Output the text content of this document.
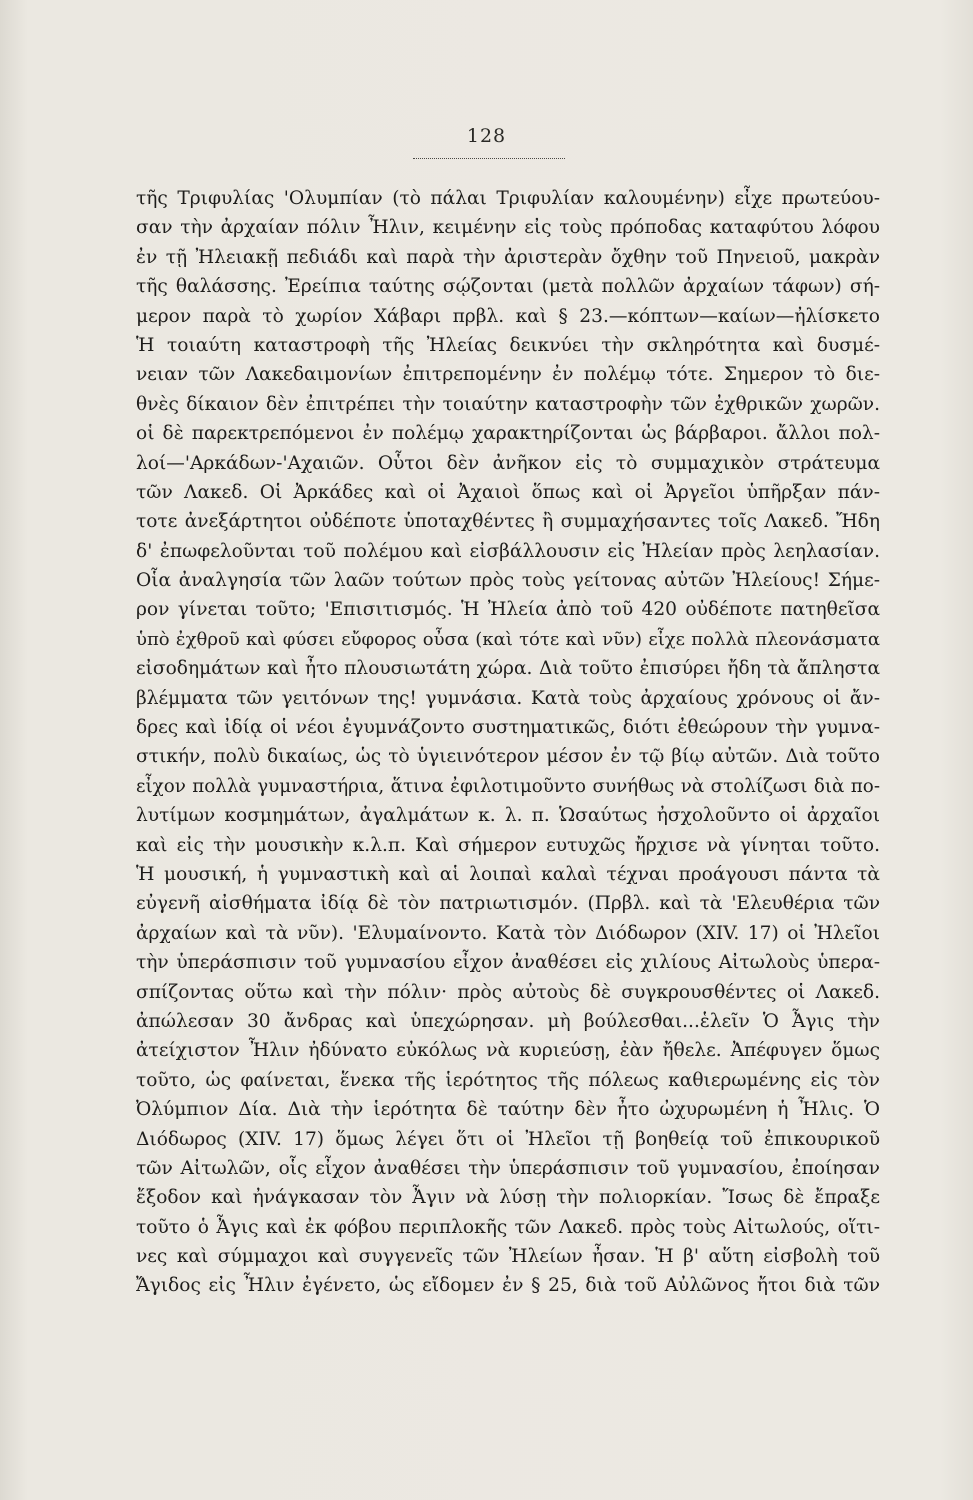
128
τῆς Τριφυλίας 'Ολυμπίαν (τὸ πάλαι Τριφυλίαν καλουμένην) εἶχε πρωτεύου-
σαν τὴν ἀρχαίαν πόλιν Ἦλιν, κειμένην εἰς τοὺς πρόποδας καταφύτου λόφου
ἐν τῇ Ἠλειακῇ πεδιάδι καὶ παρὰ τὴν ἀριστερὰν ὄχθην τοῦ Πηνειοῦ, μακρὰν
τῆς θαλάσσης. Ἐρείπια ταύτης σῴζονται (μετὰ πολλῶν ἀρχαίων τάφων) σή-
μερον παρὰ τὸ χωρίον Χάβαρι πρβλ. καὶ § 23.—κόπτων—καίων—ἠλίσκετο
Ἡ τοιαύτη καταστροφὴ τῆς Ἠλείας δεικνύει τὴν σκληρότητα καὶ δυσμέ-
νειαν τῶν Λακεδαιμονίων ἐπιτρεπομένην ἐν πολέμῳ τότε. Σημερον τὸ διε-
θνὲς δίκαιον δὲν ἐπιτρέπει τὴν τοιαύτην καταστροφὴν τῶν ἐχθρικῶν χωρῶν.
οἱ δὲ παρεκτρεπόμενοι ἐν πολέμῳ χαρακτηρίζονται ὡς βάρβαροι. ἄλλοι πολ-
λοί—'Αρκάδων-'Αχαιῶν. Οὗτοι δὲν ἀνῆκον εἰς τὸ συμμαχικὸν στράτευμα
τῶν Λακεδ. Οἱ Ἀρκάδες καὶ οἱ Ἀχαιοὶ ὅπως καὶ οἱ Ἀργεῖοι ὑπῆρξαν πάν-
τοτε ἀνεξάρτητοι οὐδέποτε ὑποταχθέντες ἢ συμμαχήσαντες τοῖς Λακεδ. Ἤδη
δ' ἐπωφελοῦνται τοῦ πολέμου καὶ εἰσβάλλουσιν εἰς Ἠλείαν πρὸς λεηλασίαν.
Οἷα ἀναλγησία τῶν λαῶν τούτων πρὸς τοὺς γείτονας αὐτῶν Ἠλείους! Σήμε-
ρον γίνεται τοῦτο; 'Επισιτισμός. Ἡ Ἠλεία ἀπὸ τοῦ 420 οὐδέποτε πατηθεῖσα
ὑπὸ ἐχθροῦ καὶ φύσει εὔφορος οὖσα (καὶ τότε καὶ νῦν) εἶχε πολλὰ πλεονάσματα
εἰσοδημάτων καὶ ἦτο πλουσιωτάτη χώρα. Διὰ τοῦτο ἐπισύρει ἤδη τὰ ἄπληστα
βλέμματα τῶν γειτόνων της! γυμνάσια. Κατὰ τοὺς ἀρχαίους χρόνους οἱ ἄν-
δρες καὶ ἰδίᾳ οἱ νέοι ἐγυμνάζοντο συστηματικῶς, διότι ἐθεώρουν τὴν γυμνα-
στικήν, πολὺ δικαίως, ὡς τὸ ὑγιεινότερον μέσον ἐν τῷ βίῳ αὐτῶν. Διὰ τοῦτο
εἶχον πολλὰ γυμναστήρια, ἅτινα ἐφιλοτιμοῦντο συνήθως νὰ στολίζωσι διὰ πο-
λυτίμων κοσμημάτων, ἀγαλμάτων κ. λ. π. Ὡσαύτως ἠσχολοῦντο οἱ ἀρχαῖοι
καὶ εἰς τὴν μουσικὴν κ.λ.π. Καὶ σήμερον ευτυχῶς ἤρχισε νὰ γίνηται τοῦτο.
Ἡ μουσική, ἡ γυμναστικὴ καὶ αἱ λοιπαὶ καλαὶ τέχναι προάγουσι πάντα τὰ
εὐγενῆ αἰσθήματα ἰδίᾳ δὲ τὸν πατριωτισμόν. (Πρβλ. καὶ τὰ 'Ελευθέρια τῶν
ἀρχαίων καὶ τὰ νῦν). 'Ελυμαίνοντο. Κατὰ τὸν Διόδωρον (XIV. 17) οἱ Ἠλεῖοι
τὴν ὑπεράσπισιν τοῦ γυμνασίου εἶχον ἀναθέσει εἰς χιλίους Αἰτωλοὺς ὑπερα-
σπίζοντας οὕτω καὶ τὴν πόλιν· πρὸς αὐτοὺς δὲ συγκρουσθέντες οἱ Λακεδ.
ἀπώλεσαν 30 ἄνδρας καὶ ὑπεχώρησαν. μὴ βούλεσθαι...ἑλεῖν Ὁ Ἆγις τὴν
ἀτείχιστον Ἦλιν ἠδύνατο εὐκόλως νὰ κυριεύσῃ, ἐὰν ἤθελε. Ἀπέφυγεν ὅμως
τοῦτο, ὡς φαίνεται, ἕνεκα τῆς ἱερότητος τῆς πόλεως καθιερωμένης εἰς τὸν
Ὀλύμπιον Δία. Διὰ τὴν ἱερότητα δὲ ταύτην δὲν ἦτο ὠχυρωμένη ἡ Ἦλις. Ὁ
Διόδωρος (XIV. 17) ὅμως λέγει ὅτι οἱ Ἠλεῖοι τῇ βοηθείᾳ τοῦ ἐπικουρικοῦ
τῶν Αἰτωλῶν, οἷς εἶχον ἀναθέσει τὴν ὑπεράσπισιν τοῦ γυμνασίου, ἐποίησαν
ἔξοδον καὶ ἠνάγκασαν τὸν Ἆγιν νὰ λύσῃ τὴν πολιορκίαν. Ἴσως δὲ ἔπραξε
τοῦτο ὁ Ἆγις καὶ ἐκ φόβου περιπλοκῆς τῶν Λακεδ. πρὸς τοὺς Αἰτωλούς, οἵτι-
νες καὶ σύμμαχοι καὶ συγγενεῖς τῶν Ἠλείων ἦσαν. Ἡ β' αὕτη εἰσβολὴ τοῦ
Ἄγιδος εἰς Ἦλιν ἐγένετο, ὡς εἴδομεν ἐν § 25, διὰ τοῦ Αὐλῶνος ἤτοι διὰ τῶν
